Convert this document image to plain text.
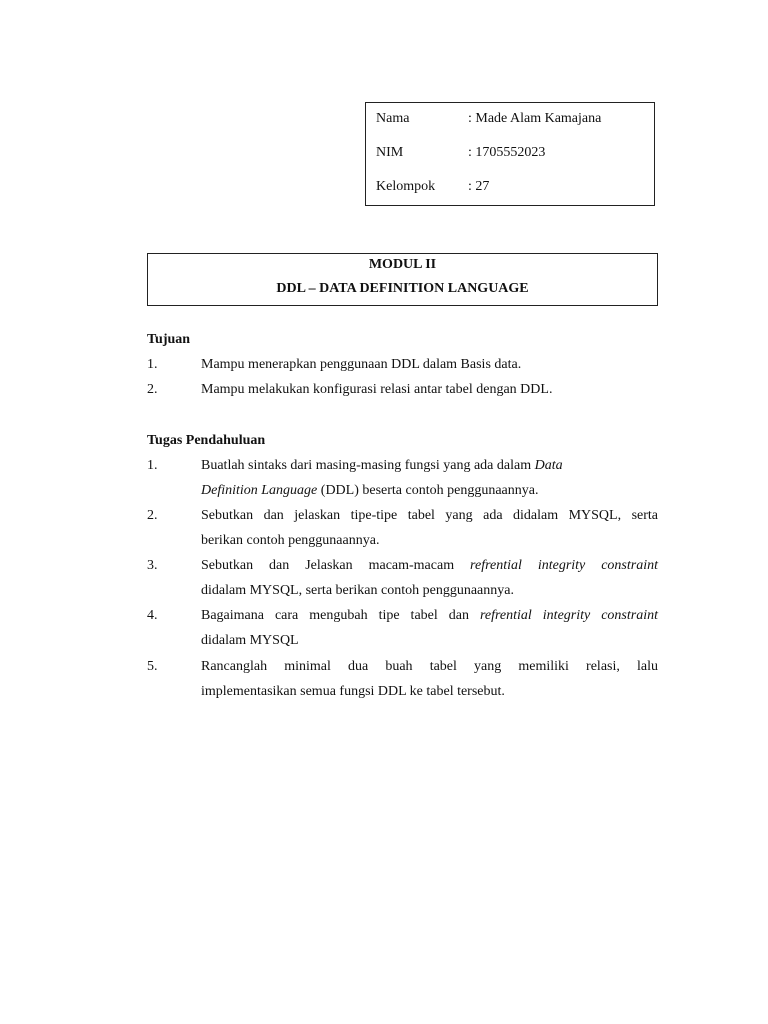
Nama	: Made Alam Kamajana
NIM	: 1705552023
Kelompok : 27
MODUL II
DDL – DATA DEFINITION LANGUAGE
Tujuan
1.	Mampu menerapkan penggunaan DDL dalam Basis data.
2.	Mampu melakukan konfigurasi relasi antar tabel dengan DDL.
Tugas Pendahuluan
1.	Buatlah sintaks dari masing-masing fungsi yang ada dalam Data
Definition Language (DDL) beserta contoh penggunaannya.
2.	Sebutkan dan jelaskan tipe-tipe tabel yang ada didalam MYSQL, serta
berikan contoh penggunaannya.
3.	Sebutkan dan Jelaskan macam-macam refrential integrity constraint
didalam MYSQL, serta berikan contoh penggunaannya.
4.	Bagaimana cara mengubah tipe tabel dan refrential integrity constraint
didalam MYSQL
5.	Rancanglah minimal dua buah tabel yang memiliki relasi, lalu
implementasikan semua fungsi DDL ke tabel tersebut.
